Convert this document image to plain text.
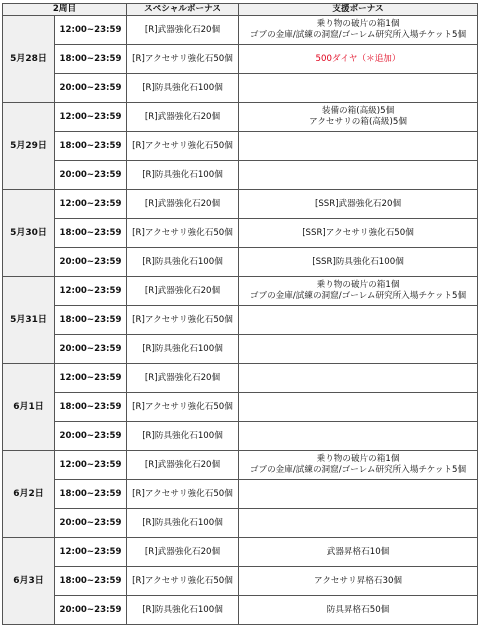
2周目		スペシャルボーナス	支援ボーナス
5月28日	12:00~23:59	[R]武器強化石20個	乗り物の破片の箱1個
ゴブの金庫/試練の洞窟/ゴーレム研究所入場チケット5個

	18:00~23:59	[R]アクセサリ強化石50個	500ダイヤ（＊追加）

	20:00~23:59	[R]防具強化石100個	
5月29日	12:00~23:59	[R]武器強化石20個	装備の箱(高級)5個
アクセサリの箱(高級)5個

	18:00~23:59	[R]アクセサリ強化石50個	
	20:00~23:59	[R]防具強化石100個	
5月30日	12:00~23:59	[R]武器強化石20個	[SSR]武器強化石20個

	18:00~23:59	[R]アクセサリ強化石50個	[SSR]アクセサリ強化石50個

	20:00~23:59	[R]防具強化石100個	[SSR]防具強化石100個

5月31日	12:00~23:59	[R]武器強化石20個	乗り物の破片の箱1個
ゴブの金庫/試練の洞窟/ゴーレム研究所入場チケット5個

	18:00~23:59	[R]アクセサリ強化石50個	
	20:00~23:59	[R]防具強化石100個	
6月1日	12:00~23:59	[R]武器強化石20個	
	18:00~23:59	[R]アクセサリ強化石50個	
	20:00~23:59	[R]防具強化石100個	
6月2日	12:00~23:59	[R]武器強化石20個	乗り物の破片の箱1個
ゴブの金庫/試練の洞窟/ゴーレム研究所入場チケット5個

	18:00~23:59	[R]アクセサリ強化石50個	
	20:00~23:59	[R]防具強化石100個	
6月3日	12:00~23:59	[R]武器強化石20個	武器昇格石10個

	18:00~23:59	[R]アクセサリ強化石50個	アクセサリ昇格石30個

	20:00~23:59	[R]防具強化石100個	防具昇格石50個
